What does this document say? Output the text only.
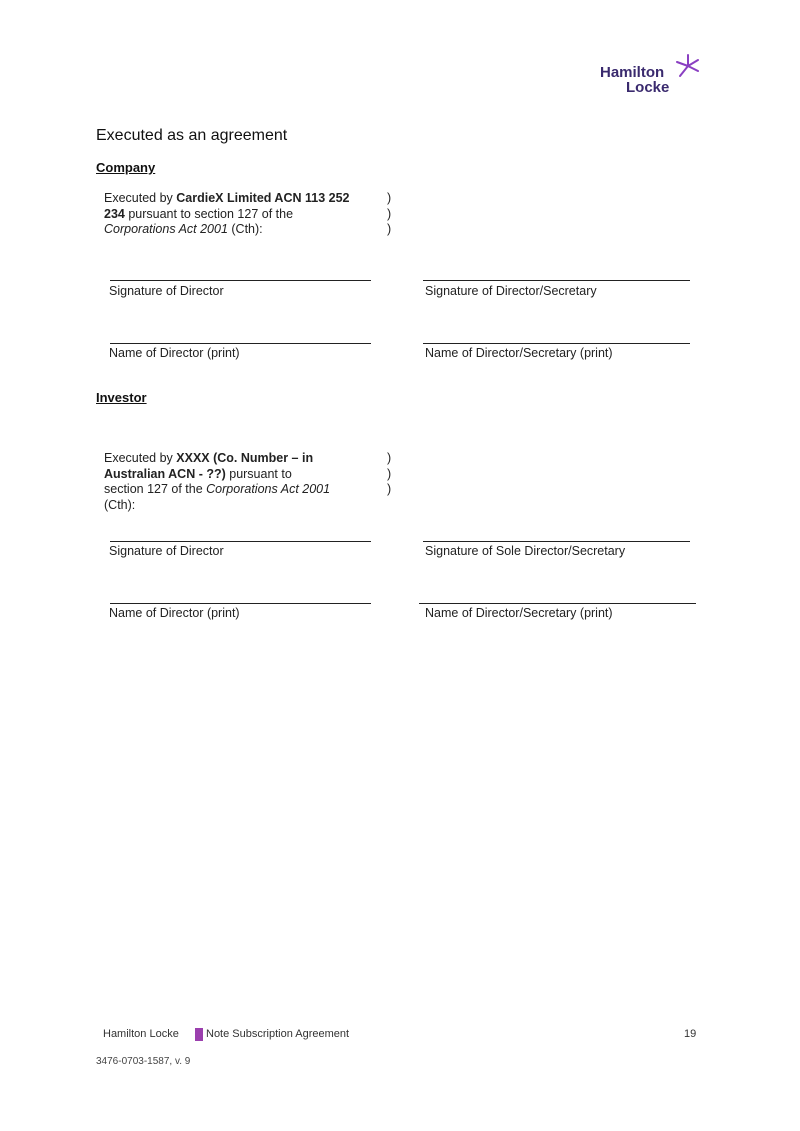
Hamilton
Locke
Executed as an agreement
Company
Executed by CardieX Limited ACN 113 252
234 pursuant to section 127 of the
Corporations Act 2001 (Cth):
)
)
)
Signature of Director	Signature of Director/Secretary
Name of Director (print)	Name of Director/Secretary (print)
Investor
Executed by XXXX (Co. Number – in
Australian ACN - ??) pursuant to
section 127 of the Corporations Act 2001
(Cth):
)
)
)
Signature of Director	Signature of Sole Director/Secretary
Name of Director (print)	Name of Director/Secretary (print)
Hamilton Locke Note Subscription Agreement	19
3476-0703-1587, v. 9
